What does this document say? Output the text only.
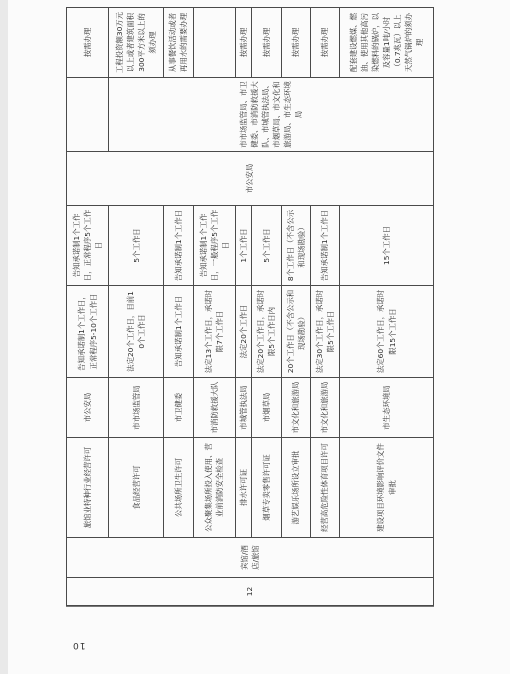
12	宾馆/酒店/旅馆	旅馆业特种行业经营许可	市公安局	告知承诺制1个工作日，正常程序5-10个工作日	告知承诺制1个工作日，正常程序5个工作日	市公安局		按需办理
		食品经营许可	市市场监管局	法定20个工作日，目前10个工作日	5个工作日		市市场监管局、市卫健委、市消防救援大队、市城管执法局、市烟草局、市文化和旅游局、市生态环境局	工程投资额30万元以上或者建筑面积300平方米以上的须办理
		公共场所卫生许可	市卫健委	告知承诺制1个工作日	告知承诺制1个工作日			从事餐饮活动或者再用水的需要办理
		公众聚集场所投入使用、营业前消防安全检查	市消防救援大队	法定13个工作日，承诺时限7个工作日	告知承诺制1个工作日，一般程序5个工作日			
		排水许可证	市城管执法局	法定20个工作日	1个工作日			按需办理
		烟草专卖零售许可证	市烟草局	法定20个工作日，承诺时限5个工作日内	5个工作日			按需办理
		游艺娱乐场所设立审批	市文化和旅游局	20个工作日（不含公示和现场勘验）	8个工作日（不含公示和现场勘验）			按需办理
		经营高危险性体育项目许可	市文化和旅游局	法定30个工作日，承诺时限5个工作日	告知承诺制1个工作日			按需办理
		建设项目环境影响评价文件审批	市生态环境局	法定60个工作日，承诺时限15个工作日	15个工作日			配套建设燃煤、燃油、使用其他高污染燃料的锅炉，以及容量1吨/小时（0.7兆瓦）以上天然气锅炉的须办理
10
